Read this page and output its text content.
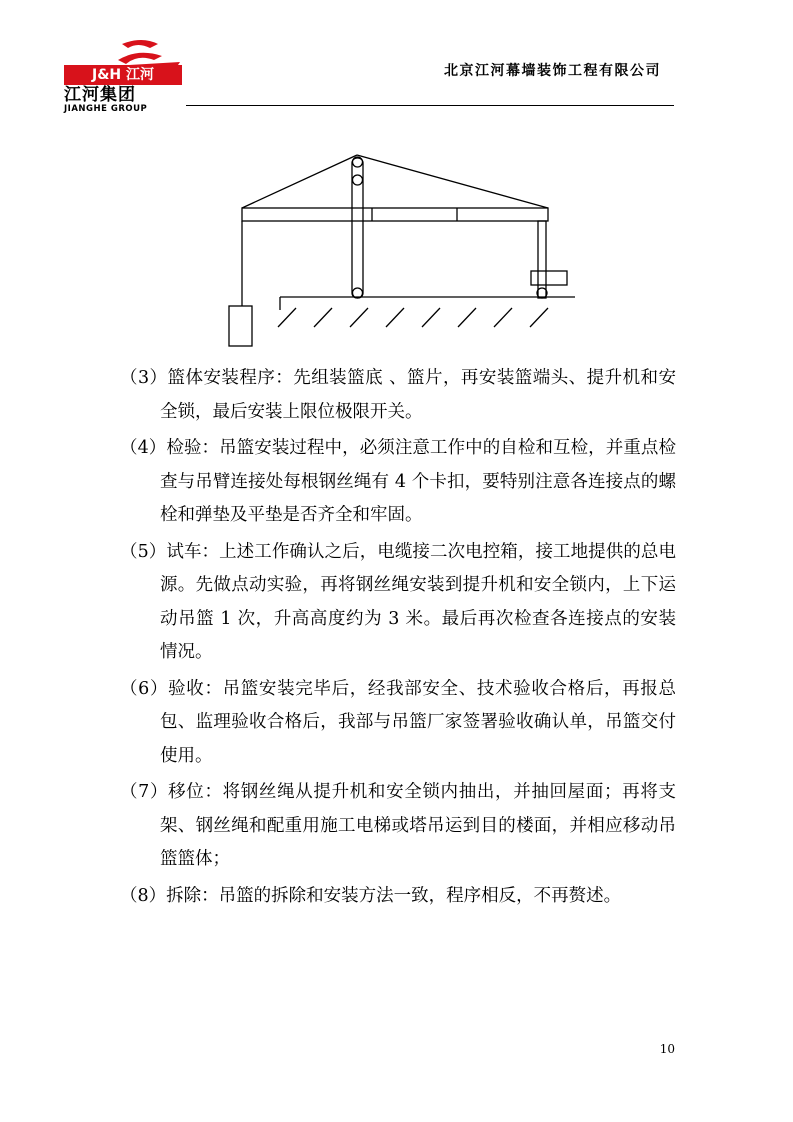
J&H 江河
江河集团
JIANGHE GROUP
北京江河幕墙装饰工程有限公司

（3）篮体安装程序：先组装篮底 、篮片，再安装篮端头、提升机和安全锁，最后安装上限位极限开关。

（4）检验：吊篮安装过程中，必须注意工作中的自检和互检，并重点检查与吊臂连接处每根钢丝绳有 4 个卡扣，要特别注意各连接点的螺栓和弹垫及平垫是否齐全和牢固。

（5）试车：上述工作确认之后，电缆接二次电控箱，接工地提供的总电源。先做点动实验，再将钢丝绳安装到提升机和安全锁内，上下运动吊篮 1 次，升高高度约为 3 米。最后再次检查各连接点的安装情况。

（6）验收：吊篮安装完毕后，经我部安全、技术验收合格后，再报总包、监理验收合格后，我部与吊篮厂家签署验收确认单，吊篮交付使用。

（7）移位：将钢丝绳从提升机和安全锁内抽出，并抽回屋面；再将支架、钢丝绳和配重用施工电梯或塔吊运到目的楼面，并相应移动吊篮篮体；

（8）拆除：吊篮的拆除和安装方法一致，程序相反，不再赘述。

10
